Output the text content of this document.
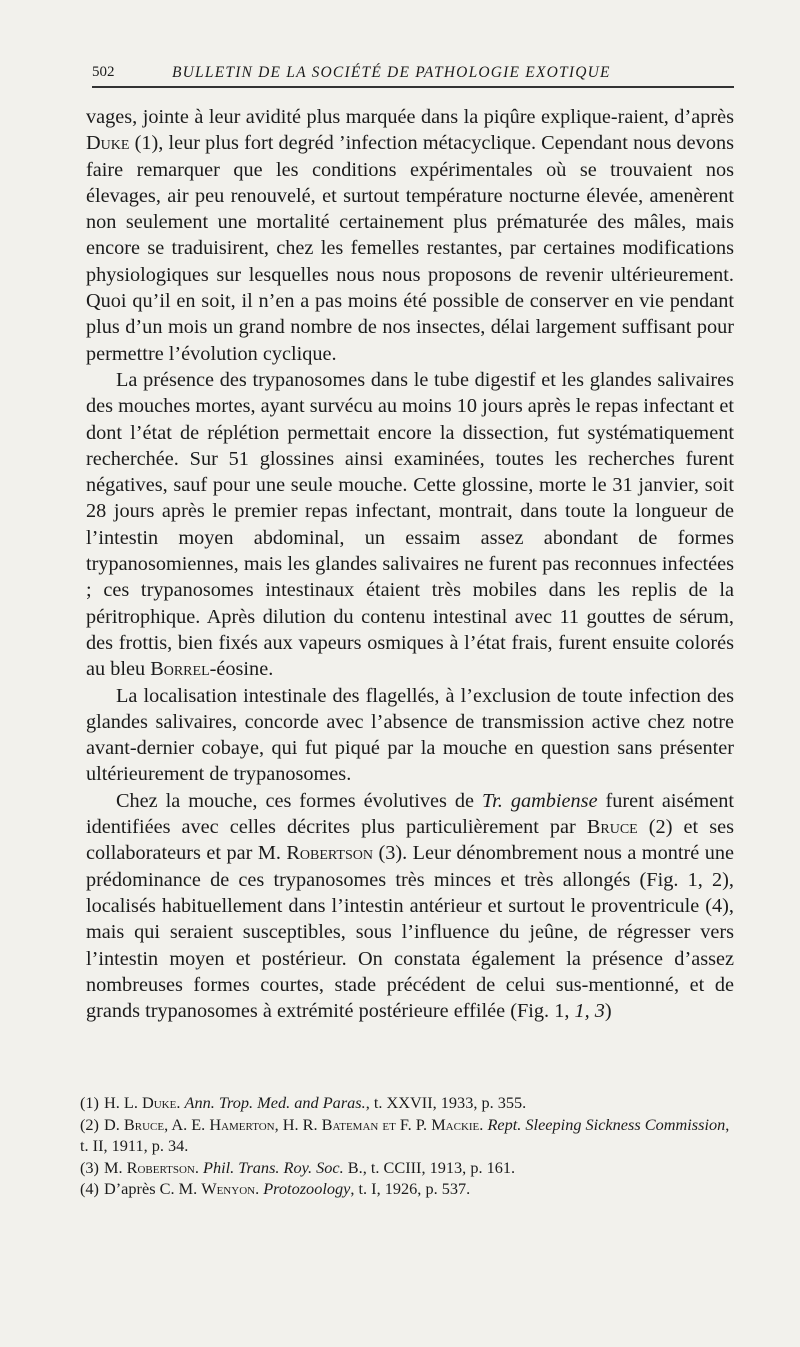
502	BULLETIN DE LA SOCIÉTÉ DE PATHOLOGIE EXOTIQUE

vages, jointe à leur avidité plus marquée dans la piqûre explique-raient, d’après Duke (1), leur plus fort degréd ’infection métacyclique. Cependant nous devons faire remarquer que les conditions expérimentales où se trouvaient nos élevages, air peu renouvelé, et surtout température nocturne élevée, amenèrent non seulement une mortalité certainement plus prématurée des mâles, mais encore se traduisirent, chez les femelles restantes, par certaines modifications physiologiques sur lesquelles nous nous proposons de revenir ultérieurement. Quoi qu’il en soit, il n’en a pas moins été possible de conserver en vie pendant plus d’un mois un grand nombre de nos insectes, délai largement suffisant pour permettre l’évolution cyclique.

La présence des trypanosomes dans le tube digestif et les glandes salivaires des mouches mortes, ayant survécu au moins 10 jours après le repas infectant et dont l’état de réplétion permettait encore la dissection, fut systématiquement recherchée. Sur 51 glossines ainsi examinées, toutes les recherches furent négatives, sauf pour une seule mouche. Cette glossine, morte le 31 janvier, soit 28 jours après le premier repas infectant, montrait, dans toute la longueur de l’intestin moyen abdominal, un essaim assez abondant de formes trypanosomiennes, mais les glandes salivaires ne furent pas reconnues infectées ; ces trypanosomes intestinaux étaient très mobiles dans les replis de la péritrophique. Après dilution du contenu intestinal avec 11 gouttes de sérum, des frottis, bien fixés aux vapeurs osmiques à l’état frais, furent ensuite colorés au bleu Borrel-éosine.

La localisation intestinale des flagellés, à l’exclusion de toute infection des glandes salivaires, concorde avec l’absence de transmission active chez notre avant-dernier cobaye, qui fut piqué par la mouche en question sans présenter ultérieurement de trypanosomes.

Chez la mouche, ces formes évolutives de Tr. gambiense furent aisément identifiées avec celles décrites plus particulièrement par Bruce (2) et ses collaborateurs et par M. Robertson (3). Leur dénombrement nous a montré une prédominance de ces trypanosomes très minces et très allongés (Fig. 1, 2), localisés habituellement dans l’intestin antérieur et surtout le proventricule (4), mais qui seraient susceptibles, sous l’influence du jeûne, de régresser vers l’intestin moyen et postérieur. On constata également la présence d’assez nombreuses formes courtes, stade précédent de celui sus-mentionné, et de grands trypanosomes à extrémité postérieure effilée (Fig. 1, 1, 3)

(1) H. L. Duke. Ann. Trop. Med. and Paras., t. XXVII, 1933, p. 355.

(2) D. Bruce, A. E. Hamerton, H. R. Bateman et F. P. Mackie. Rept. Sleeping Sickness Commission, t. II, 1911, p. 34.

(3) M. Robertson. Phil. Trans. Roy. Soc. B., t. CCIII, 1913, p. 161.

(4) D’après C. M. Wenyon. Protozoology, t. I, 1926, p. 537.
